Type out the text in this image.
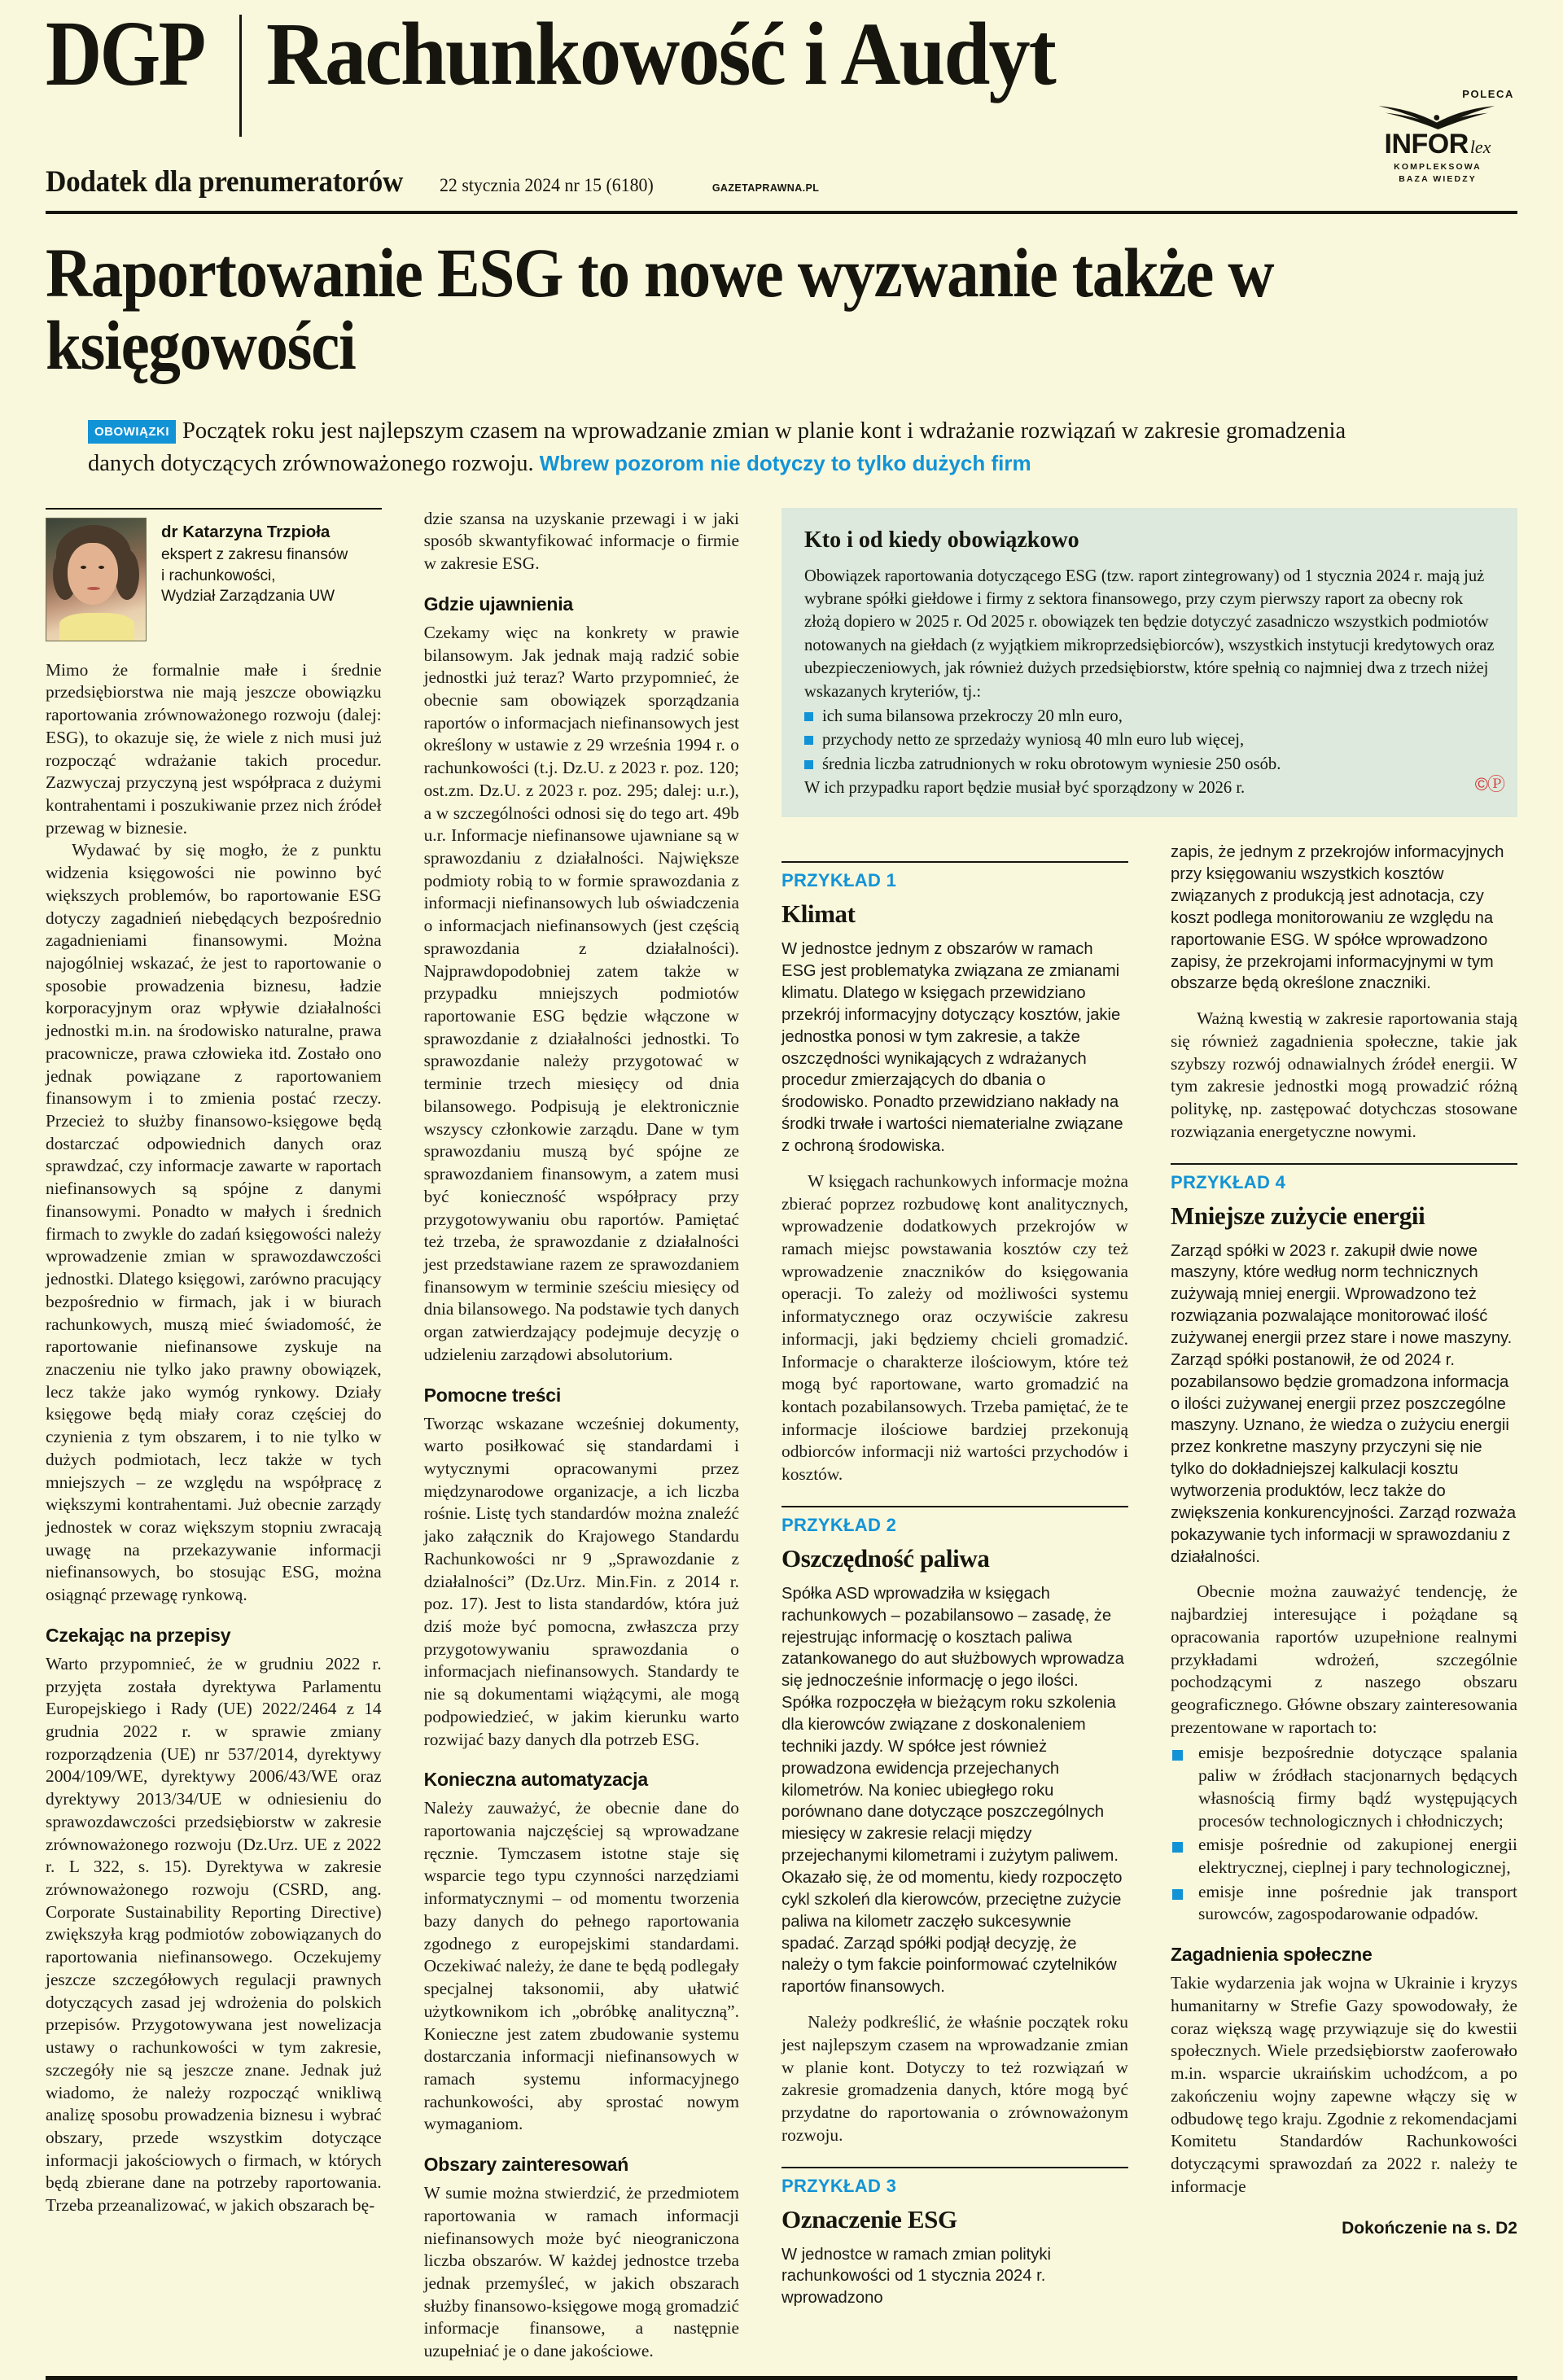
DGP Rachunkowość i Audyt	POLECA
INFORlex
KOMPLEKSOWA
BAZA WIEDZY
Dodatek dla prenumeratorów 22 stycznia 2024 nr 15 (6180)	GAZETAPRAWNA.PL
Raportowanie ESG to nowe wyzwanie także w księgowości
OBOWIĄZKI Początek roku jest najlepszym czasem na wprowadzanie zmian w planie kont i wdrażanie rozwiązań w zakresie gromadzenia danych dotyczących zrównoważonego rozwoju. Wbrew pozorom nie dotyczy to tylko dużych firm
dr Katarzyna Trzpioła
ekspert z zakresu finansów
i rachunkowości,
Wydział Zarządzania UW

Mimo że formalnie małe i średnie przedsiębiorstwa nie mają jeszcze obowiązku raportowania zrównoważonego rozwoju (dalej: ESG), to okazuje się, że wiele z nich musi już rozpocząć wdrażanie takich procedur. Zazwyczaj przyczyną jest współpraca z dużymi kontrahentami i poszukiwanie przez nich źródeł przewag w biznesie.

Wydawać by się mogło, że z punktu widzenia księgowości nie powinno być większych problemów, bo raportowanie ESG dotyczy zagadnień niebędących bezpośrednio zagadnieniami finansowymi. Można najogólniej wskazać, że jest to raportowanie o sposobie prowadzenia biznesu, ładzie korporacyjnym oraz wpływie działalności jednostki m.in. na środowisko naturalne, prawa pracownicze, prawa człowieka itd. Zostało ono jednak powiązane z raportowaniem finansowym i to zmienia postać rzeczy. Przecież to służby finansowo-księgowe będą dostarczać odpowiednich danych oraz sprawdzać, czy informacje zawarte w raportach niefinansowych są spójne z danymi finansowymi. Ponadto w małych i średnich firmach to zwykle do zadań księgowości należy wprowadzenie zmian w sprawozdawczości jednostki. Dlatego księgowi, zarówno pracujący bezpośrednio w firmach, jak i w biurach rachunkowych, muszą mieć świadomość, że raportowanie niefinansowe zyskuje na znaczeniu nie tylko jako prawny obowiązek, lecz także jako wymóg rynkowy. Działy księgowe będą miały coraz częściej do czynienia z tym obszarem, i to nie tylko w dużych podmiotach, lecz także w tych mniejszych – ze względu na współpracę z większymi kontrahentami. Już obecnie zarządy jednostek w coraz większym stopniu zwracają uwagę na przekazywanie informacji niefinansowych, bo stosując ESG, można osiągnąć przewagę rynkową.

Czekając na przepisy

Warto przypomnieć, że w grudniu 2022 r. przyjęta została dyrektywa Parlamentu Europejskiego i Rady (UE) 2022/2464 z 14 grudnia 2022 r. w sprawie zmiany rozporządzenia (UE) nr 537/2014, dyrektywy 2004/109/WE, dyrektywy 2006/43/WE oraz dyrektywy 2013/34/UE w odniesieniu do sprawozdawczości przedsiębiorstw w zakresie zrównoważonego rozwoju (Dz.Urz. UE z 2022 r. L 322, s. 15). Dyrektywa w zakresie zrównoważonego rozwoju (CSRD, ang. Corporate Sustainability Reporting Directive) zwiększyła krąg podmiotów zobowiązanych do raportowania niefinansowego. Oczekujemy jeszcze szczegółowych regulacji prawnych dotyczących zasad jej wdrożenia do polskich przepisów. Przygotowywana jest nowelizacja ustawy o rachunkowości w tym zakresie, szczegóły nie są jeszcze znane. Jednak już wiadomo, że należy rozpocząć wnikliwą analizę sposobu prowadzenia biznesu i wybrać obszary, przede wszystkim dotyczące informacji jakościowych o firmach, w których będą zbierane dane na potrzeby raportowania. Trzeba przeanalizować, w jakich obszarach bę-

dzie szansa na uzyskanie przewagi i w jaki sposób skwantyfikować informacje o firmie w zakresie ESG.

Gdzie ujawnienia

Czekamy więc na konkrety w prawie bilansowym. Jak jednak mają radzić sobie jednostki już teraz? Warto przypomnieć, że obecnie sam obowiązek sporządzania raportów o informacjach niefinansowych jest określony w ustawie z 29 września 1994 r. o rachunkowości (t.j. Dz.U. z 2023 r. poz. 120; ost.zm. Dz.U. z 2023 r. poz. 295; dalej: u.r.), a w szczególności odnosi się do tego art. 49b u.r. Informacje niefinansowe ujawniane są w sprawozdaniu z działalności. Największe podmioty robią to w formie sprawozdania z informacji niefinansowych lub oświadczenia o informacjach niefinansowych (jest częścią sprawozdania z działalności). Najprawdopodobniej zatem także w przypadku mniejszych podmiotów raportowanie ESG będzie włączone w sprawozdanie z działalności jednostki. To sprawozdanie należy przygotować w terminie trzech miesięcy od dnia bilansowego. Podpisują je elektronicznie wszyscy członkowie zarządu. Dane w tym sprawozdaniu muszą być spójne ze sprawozdaniem finansowym, a zatem musi być konieczność współpracy przy przygotowywaniu obu raportów. Pamiętać też trzeba, że sprawozdanie z działalności jest przedstawiane razem ze sprawozdaniem finansowym w terminie sześciu miesięcy od dnia bilansowego. Na podstawie tych danych organ zatwierdzający podejmuje decyzję o udzieleniu zarządowi absolutorium.

Pomocne treści

Tworząc wskazane wcześniej dokumenty, warto posiłkować się standardami i wytycznymi opracowanymi przez międzynarodowe organizacje, a ich liczba rośnie. Listę tych standardów można znaleźć jako załącznik do Krajowego Standardu Rachunkowości nr 9 „Sprawozdanie z działalności” (Dz.Urz. Min.Fin. z 2014 r. poz. 17). Jest to lista standardów, która już dziś może być pomocna, zwłaszcza przy przygotowywaniu sprawozdania o informacjach niefinansowych. Standardy te nie są dokumentami wiążącymi, ale mogą podpowiedzieć, w jakim kierunku warto rozwijać bazy danych dla potrzeb ESG.

Konieczna automatyzacja

Należy zauważyć, że obecnie dane do raportowania najczęściej są wprowadzane ręcznie. Tymczasem istotne staje się wsparcie tego typu czynności narzędziami informatycznymi – od momentu tworzenia bazy danych do pełnego raportowania zgodnego z europejskimi standardami. Oczekiwać należy, że dane te będą podlegały specjalnej taksonomii, aby ułatwić użytkownikom ich „obróbkę analityczną”. Konieczne jest zatem zbudowanie systemu dostarczania informacji niefinansowych w ramach systemu informacyjnego rachunkowości, aby sprostać nowym wymaganiom.

Obszary zainteresowań

W sumie można stwierdzić, że przedmiotem raportowania w ramach informacji niefinansowych może być nieograniczona liczba obszarów. W każdej jednostce trzeba jednak przemyśleć, w jakich obszarach służby finansowo-księgowe mogą gromadzić informacje finansowe, a następnie uzupełniać je o dane jakościowe.

Kto i od kiedy obowiązkowo

Obowiązek raportowania dotyczącego ESG (tzw. raport zintegrowany) od 1 stycznia 2024 r. mają już wybrane spółki giełdowe i firmy z sektora finansowego, przy czym pierwszy raport za obecny rok złożą dopiero w 2025 r. Od 2025 r. obowiązek ten będzie dotyczyć zasadniczo wszystkich podmiotów notowanych na giełdach (z wyjątkiem mikroprzedsiębiorców), wszystkich instytucji kredytowych oraz ubezpieczeniowych, jak również dużych przedsiębiorstw, które spełnią co najmniej dwa z trzech niżej wskazanych kryteriów, tj.:

ich suma bilansowa przekroczy 20 mln euro,
przychody netto ze sprzedaży wyniosą 40 mln euro lub więcej,
średnia liczba zatrudnionych w roku obrotowym wyniesie 250 osób.

W ich przypadku raport będzie musiał być sporządzony w 2026 r.	©Ⓟ
PRZYKŁAD 1
Klimat

W jednostce jednym z obszarów w ramach ESG jest problematyka związana ze zmianami klimatu. Dlatego w księgach przewidziano przekrój informacyjny dotyczący kosztów, jakie jednostka ponosi w tym zakresie, a także oszczędności wynikających z wdrażanych procedur zmierzających do dbania o środowisko. Ponadto przewidziano nakłady na środki trwałe i wartości niematerialne związane z ochroną środowiska.

W księgach rachunkowych informacje można zbierać poprzez rozbudowę kont analitycznych, wprowadzenie dodatkowych przekrojów w ramach miejsc powstawania kosztów czy też wprowadzenie znaczników do księgowania operacji. To zależy od możliwości systemu informatycznego oraz oczywiście zakresu informacji, jaki będziemy chcieli gromadzić. Informacje o charakterze ilościowym, które też mogą być raportowane, warto gromadzić na kontach pozabilansowych. Trzeba pamiętać, że te informacje ilościowe bardziej przekonują odbiorców informacji niż wartości przychodów i kosztów.

PRZYKŁAD 2
Oszczędność paliwa

Spółka ASD wprowadziła w księgach rachunkowych – pozabilansowo – zasadę, że rejestrując informację o kosztach paliwa zatankowanego do aut służbowych wprowadza się jednocześnie informację o jego ilości. Spółka rozpoczęła w bieżącym roku szkolenia dla kierowców związane z doskonaleniem techniki jazdy. W spółce jest również prowadzona ewidencja przejechanych kilometrów. Na koniec ubiegłego roku porównano dane dotyczące poszczególnych miesięcy w zakresie relacji między przejechanymi kilometrami i zużytym paliwem. Okazało się, że od momentu, kiedy rozpoczęto cykl szkoleń dla kierowców, przeciętne zużycie paliwa na kilometr zaczęło sukcesywnie spadać. Zarząd spółki podjął decyzję, że należy o tym fakcie poinformować czytelników raportów finansowych.

Należy podkreślić, że właśnie początek roku jest najlepszym czasem na wprowadzanie zmian w planie kont. Dotyczy to też rozwiązań w zakresie gromadzenia danych, które mogą być przydatne do raportowania o zrównoważonym rozwoju.

PRZYKŁAD 3
Oznaczenie ESG

W jednostce w ramach zmian polityki rachunkowości od 1 stycznia 2024 r. wprowadzono

zapis, że jednym z przekrojów informacyjnych przy księgowaniu wszystkich kosztów związanych z produkcją jest adnotacja, czy koszt podlega monitorowaniu ze względu na raportowanie ESG. W spółce wprowadzono zapisy, że przekrojami informacyjnymi w tym obszarze będą określone znaczniki.

Ważną kwestią w zakresie raportowania stają się również zagadnienia społeczne, takie jak szybszy rozwój odnawialnych źródeł energii. W tym zakresie jednostki mogą prowadzić różną politykę, np. zastępować dotychczas stosowane rozwiązania energetyczne nowymi.

PRZYKŁAD 4
Mniejsze zużycie energii

Zarząd spółki w 2023 r. zakupił dwie nowe maszyny, które według norm technicznych zużywają mniej energii. Wprowadzono też rozwiązania pozwalające monitorować ilość zużywanej energii przez stare i nowe maszyny. Zarząd spółki postanowił, że od 2024 r. pozabilansowo będzie gromadzona informacja o ilości zużywanej energii przez poszczególne maszyny. Uznano, że wiedza o zużyciu energii przez konkretne maszyny przyczyni się nie tylko do dokładniejszej kalkulacji kosztu wytworzenia produktów, lecz także do zwiększenia konkurencyjności. Zarząd rozważa pokazywanie tych informacji w sprawozdaniu z działalności.

Obecnie można zauważyć tendencję, że najbardziej interesujące i pożądane są opracowania raportów uzupełnione realnymi przykładami wdrożeń, szczególnie pochodzącymi z naszego obszaru geograficznego. Główne obszary zainteresowania prezentowane w raportach to:

emisje bezpośrednie dotyczące spalania paliw w źródłach stacjonarnych będących własnością firmy bądź występujących procesów technologicznych i chłodniczych;
emisje pośrednie od zakupionej energii elektrycznej, cieplnej i pary technologicznej,
emisje inne pośrednie jak transport surowców, zagospodarowanie odpadów.
Zagadnienia społeczne

Takie wydarzenia jak wojna w Ukrainie i kryzys humanitarny w Strefie Gazy spowodowały, że coraz większą wagę przywiązuje się do kwestii społecznych. Wiele przedsiębiorstw zaoferowało m.in. wsparcie ukraińskim uchodźcom, a po zakończeniu wojny zapewne włączy się w odbudowę tego kraju. Zgodnie z rekomendacjami Komitetu Standardów Rachunkowości dotyczącymi sprawozdań za 2022 r. należy te informacje

Dokończenie na s. D2
